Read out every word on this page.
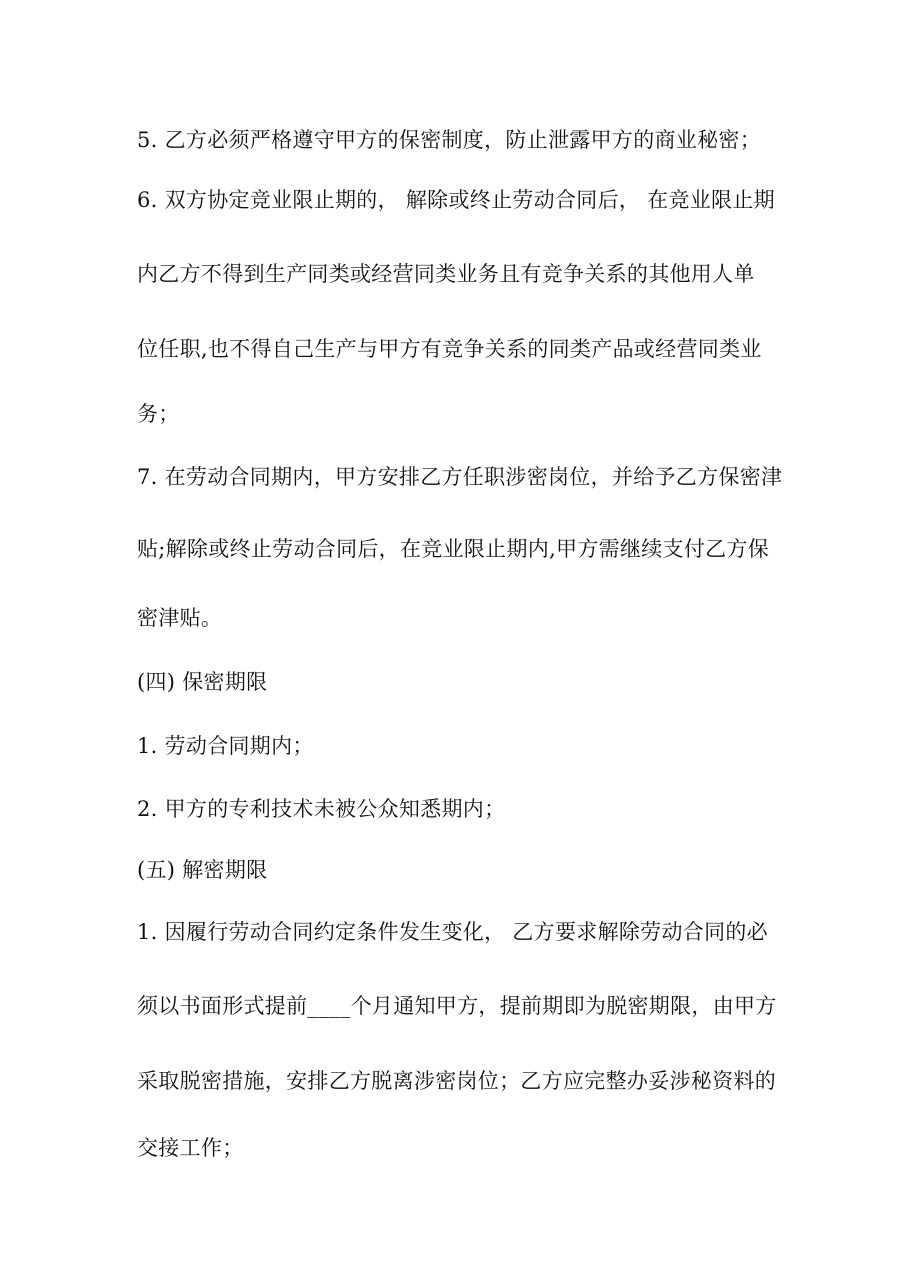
5. 乙方必须严格遵守甲方的保密制度，防止泄露甲方的商业秘密；
6. 双方协定竞业限止期的， 解除或终止劳动合同后， 在竞业限止期
内乙方不得到生产同类或经营同类业务且有竞争关系的其他用人单
位任职,也不得自己生产与甲方有竞争关系的同类产品或经营同类业
务；
7. 在劳动合同期内，甲方安排乙方任职涉密岗位，并给予乙方保密津
贴;解除或终止劳动合同后，在竞业限止期内,甲方需继续支付乙方保
密津贴。
(四) 保密期限
1. 劳动合同期内；
2. 甲方的专利技术未被公众知悉期内；
(五) 解密期限
1. 因履行劳动合同约定条件发生变化， 乙方要求解除劳动合同的必
须以书面形式提前____个月通知甲方，提前期即为脱密期限，由甲方
采取脱密措施，安排乙方脱离涉密岗位；乙方应完整办妥涉秘资料的
交接工作；
